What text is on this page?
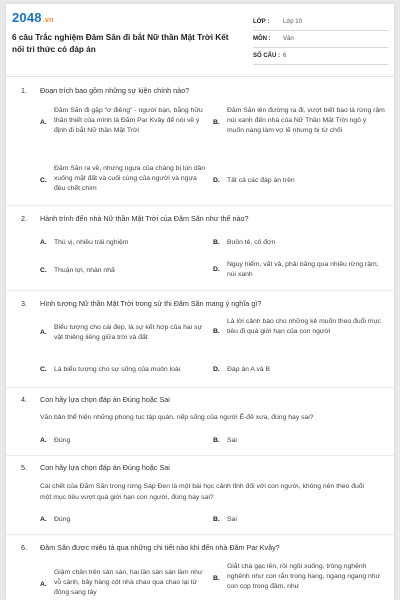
2048.vn
6 câu Trắc nghiệm Đăm Săn đi bắt Nữ thần Mặt Trời Kết nối tri thức có đáp án
LỚP :	Lớp 10
MÔN :	Văn
SỐ CÂU : 6
1.	Đoạn trích bao gồm những sự kiện chính nào?
A.
Đăm Săn đi gặp "ơ điêng" - người bạn, bằng hữu thân thiết của mình là Đăm Par Kvây để nói về ý định đi bắt Nữ thần Mặt Trời
B.
Đăm Săn lên đường ra đi, vượt biết bao là rừng rậm núi xanh đến nhà của Nữ Thần Mặt Trời ngỏ ý muốn nàng làm vợ lẽ nhưng bị từ chối
C.
Đăm Săn ra về, nhưng ngựa của chàng bị lún dần xuống mặt đất và cuối cùng của người và ngựa đều chết chìm
D. Tất cả các đáp án trên
2.	Hành trình đến nhà Nữ thần Mặt Trời của Đăm Săn như thế nào?
A. Thú vị, nhiều trải nghiệm	B. Buồn tẻ, cô đơn
C. Thuận lợi, nhàn nhã	D.
Nguy hiểm, vất vả, phải băng qua nhiều rừng rậm, núi xanh
3.	Hình tượng Nữ thần Mặt Trời trong sử thi Đăm Săn mang ý nghĩa gì?
A.
Biểu tượng cho cái đẹp, là sự kết hợp của hai sự vật thiêng liêng giữa trời và đất
B.
Là lời cảnh báo cho những kẻ muốn theo đuổi mục tiêu đi quá giới hạn của con người
C. Là biểu tượng cho sự sống của muôn loài	D. Đáp án A và B
4.	Con hãy lựa chọn đáp án Đúng hoặc Sai
Văn bản thể hiện những phong tục tập quán, nếp sống của người Ê-đê xưa, đúng hay sai?
A. Đúng	B. Sai
5.	Con hãy lựa chọn đáp án Đúng hoặc Sai
Cái chết của Đăm Săn trong rừng Sáp Đen là một bài học cảnh tỉnh đối với con người, không nên theo đuổi một mục tiêu vượt quá giới hạn con người, đúng hay sai?
A. Đúng	B. Sai
6.	Đăm Săn được miêu tả qua những chi tiết nào khi đến nhà Đăm Par Kvây?
A.
Giậm chân trên sàn sàn, hai lần sàn sàn làm như vỗ cánh, bảy hàng cột nhà chao qua chao lại từ đông sang tây
B.
Giắt chà gạc lên, rồi ngồi xuống, tròng nghênh nghênh như con rắn trong hang, ngang ngang như con cọp trong đầm, như
